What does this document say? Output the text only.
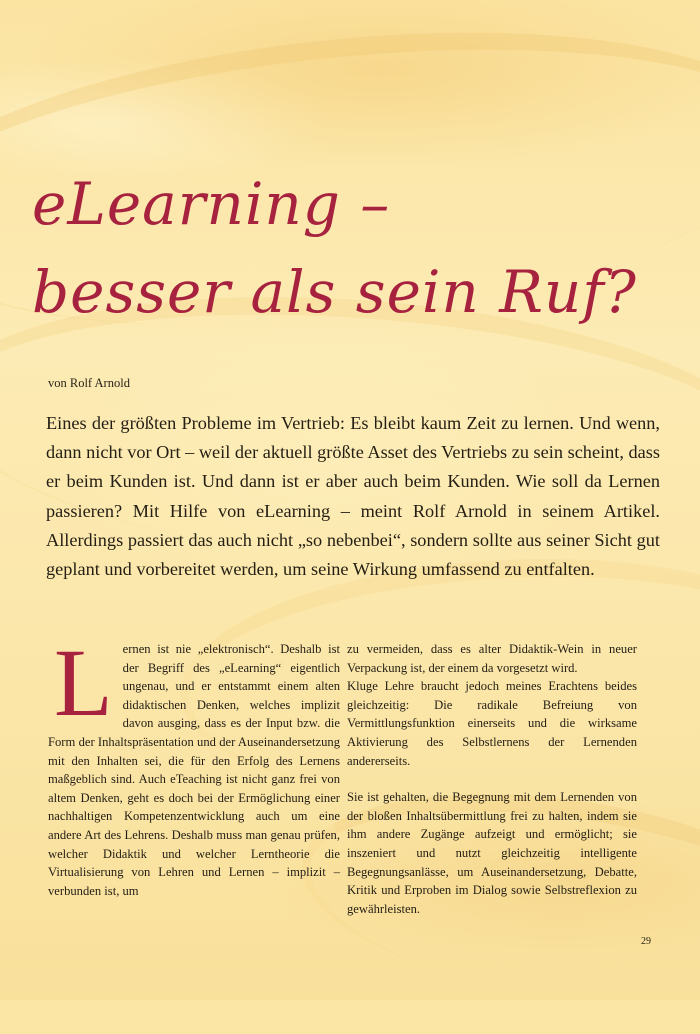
eLearning –
besser als sein Ruf?
von Rolf Arnold

Eines der größten Probleme im Vertrieb: Es bleibt kaum Zeit zu lernen. Und wenn, dann nicht vor Ort – weil der aktuell größte Asset des Vertriebs zu sein scheint, dass er beim Kunden ist. Und dann ist er aber auch beim Kunden. Wie soll da Lernen passieren? Mit Hilfe von eLearning – meint Rolf Arnold in seinem Artikel. Allerdings passiert das auch nicht „so nebenbei“, sondern sollte aus seiner Sicht gut geplant und vorbereitet werden, um seine Wirkung umfassend zu entfalten.

L ernen ist nie „elektronisch“. Deshalb ist der Begriff des „eLearning“ eigentlich ungenau, und er entstammt einem alten didaktischen Denken, welches implizit davon ausging, dass es der Input bzw. die Form der Inhaltspräsentation und der Auseinandersetzung mit den Inhalten sei, die für den Erfolg des Lernens maßgeblich sind. Auch eTeaching ist nicht ganz frei von altem Denken, geht es doch bei der Ermöglichung einer nachhaltigen Kompetenzentwicklung auch um eine andere Art des Lehrens. Deshalb muss man genau prüfen, welcher Didaktik und welcher Lerntheorie die Virtualisierung von Lehren und Lernen – implizit – verbunden ist, um

zu vermeiden, dass es alter Didaktik-Wein in neuer Verpackung ist, der einem da vorgesetzt wird.

Kluge Lehre braucht jedoch meines Erachtens beides gleichzeitig: Die radikale Befreiung von Vermittlungsfunktion einerseits und die wirksame Aktivierung des Selbstlernens der Lernenden andererseits.

Sie ist gehalten, die Begegnung mit dem Lernenden von der bloßen Inhaltsübermittlung frei zu halten, indem sie ihm andere Zugänge aufzeigt und ermöglicht; sie inszeniert und nutzt gleichzeitig intelligente Begegnungsanlässe, um Auseinandersetzung, Debatte, Kritik und Erproben im Dialog sowie Selbstreflexion zu gewährleisten.

29
